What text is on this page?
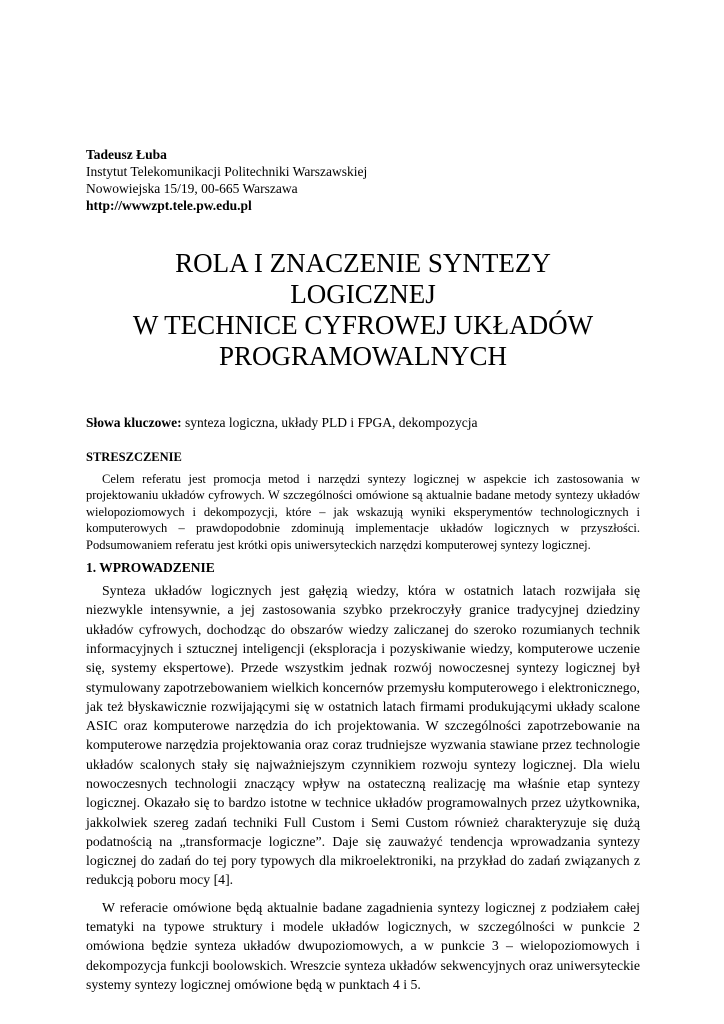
Tadeusz Łuba
Instytut Telekomunikacji Politechniki Warszawskiej
Nowowiejska 15/19, 00-665 Warszawa
http://wwwzpt.tele.pw.edu.pl
ROLA I ZNACZENIE SYNTEZY
LOGICZNEJ
W TECHNICE CYFROWEJ UKŁADÓW
PROGRAMOWALNYCH
Słowa kluczowe: synteza logiczna, układy PLD i FPGA, dekompozycja
STRESZCZENIE
Celem referatu jest promocja metod i narzędzi syntezy logicznej w aspekcie ich zastosowania w projektowaniu układów cyfrowych. W szczególności omówione są aktualnie badane metody syntezy układów wielopoziomowych i dekompozycji, które – jak wskazują wyniki eksperymentów technologicznych i komputerowych – prawdopodobnie zdominują implementacje układów logicznych w przyszłości. Podsumowaniem referatu jest krótki opis uniwersyteckich narzędzi komputerowej syntezy logicznej.
1. WPROWADZENIE

Synteza układów logicznych jest gałęzią wiedzy, która w ostatnich latach rozwijała się niezwykle intensywnie, a jej zastosowania szybko przekroczyły granice tradycyjnej dziedziny układów cyfrowych, dochodząc do obszarów wiedzy zaliczanej do szeroko rozumianych technik informacyjnych i sztucznej inteligencji (eksploracja i pozyskiwanie wiedzy, komputerowe uczenie się, systemy ekspertowe). Przede wszystkim jednak rozwój nowoczesnej syntezy logicznej był stymulowany zapotrzebowaniem wielkich koncernów przemysłu komputerowego i elektronicznego, jak też błyskawicznie rozwijającymi się w ostatnich latach firmami produkującymi układy scalone ASIC oraz komputerowe narzędzia do ich projektowania. W szczególności zapotrzebowanie na komputerowe narzędzia projektowania oraz coraz trudniejsze wyzwania stawiane przez technologie układów scalonych stały się najważniejszym czynnikiem rozwoju syntezy logicznej. Dla wielu nowoczesnych technologii znaczący wpływ na ostateczną realizację ma właśnie etap syntezy logicznej. Okazało się to bardzo istotne w technice układów programowalnych przez użytkownika, jakkolwiek szereg zadań techniki Full Custom i Semi Custom również charakteryzuje się dużą podatnością na „transformacje logiczne”. Daje się zauważyć tendencja wprowadzania syntezy logicznej do zadań do tej pory typowych dla mikroelektroniki, na przykład do zadań związanych z redukcją poboru mocy [4].

W referacie omówione będą aktualnie badane zagadnienia syntezy logicznej z podziałem całej tematyki na typowe struktury i modele układów logicznych, w szczególności w punkcie 2 omówiona będzie synteza układów dwupoziomowych, a w punkcie 3 – wielopoziomowych i dekompozycja funkcji boolowskich. Wreszcie synteza układów sekwencyjnych oraz uniwersyteckie systemy syntezy logicznej omówione będą w punktach 4 i 5.
